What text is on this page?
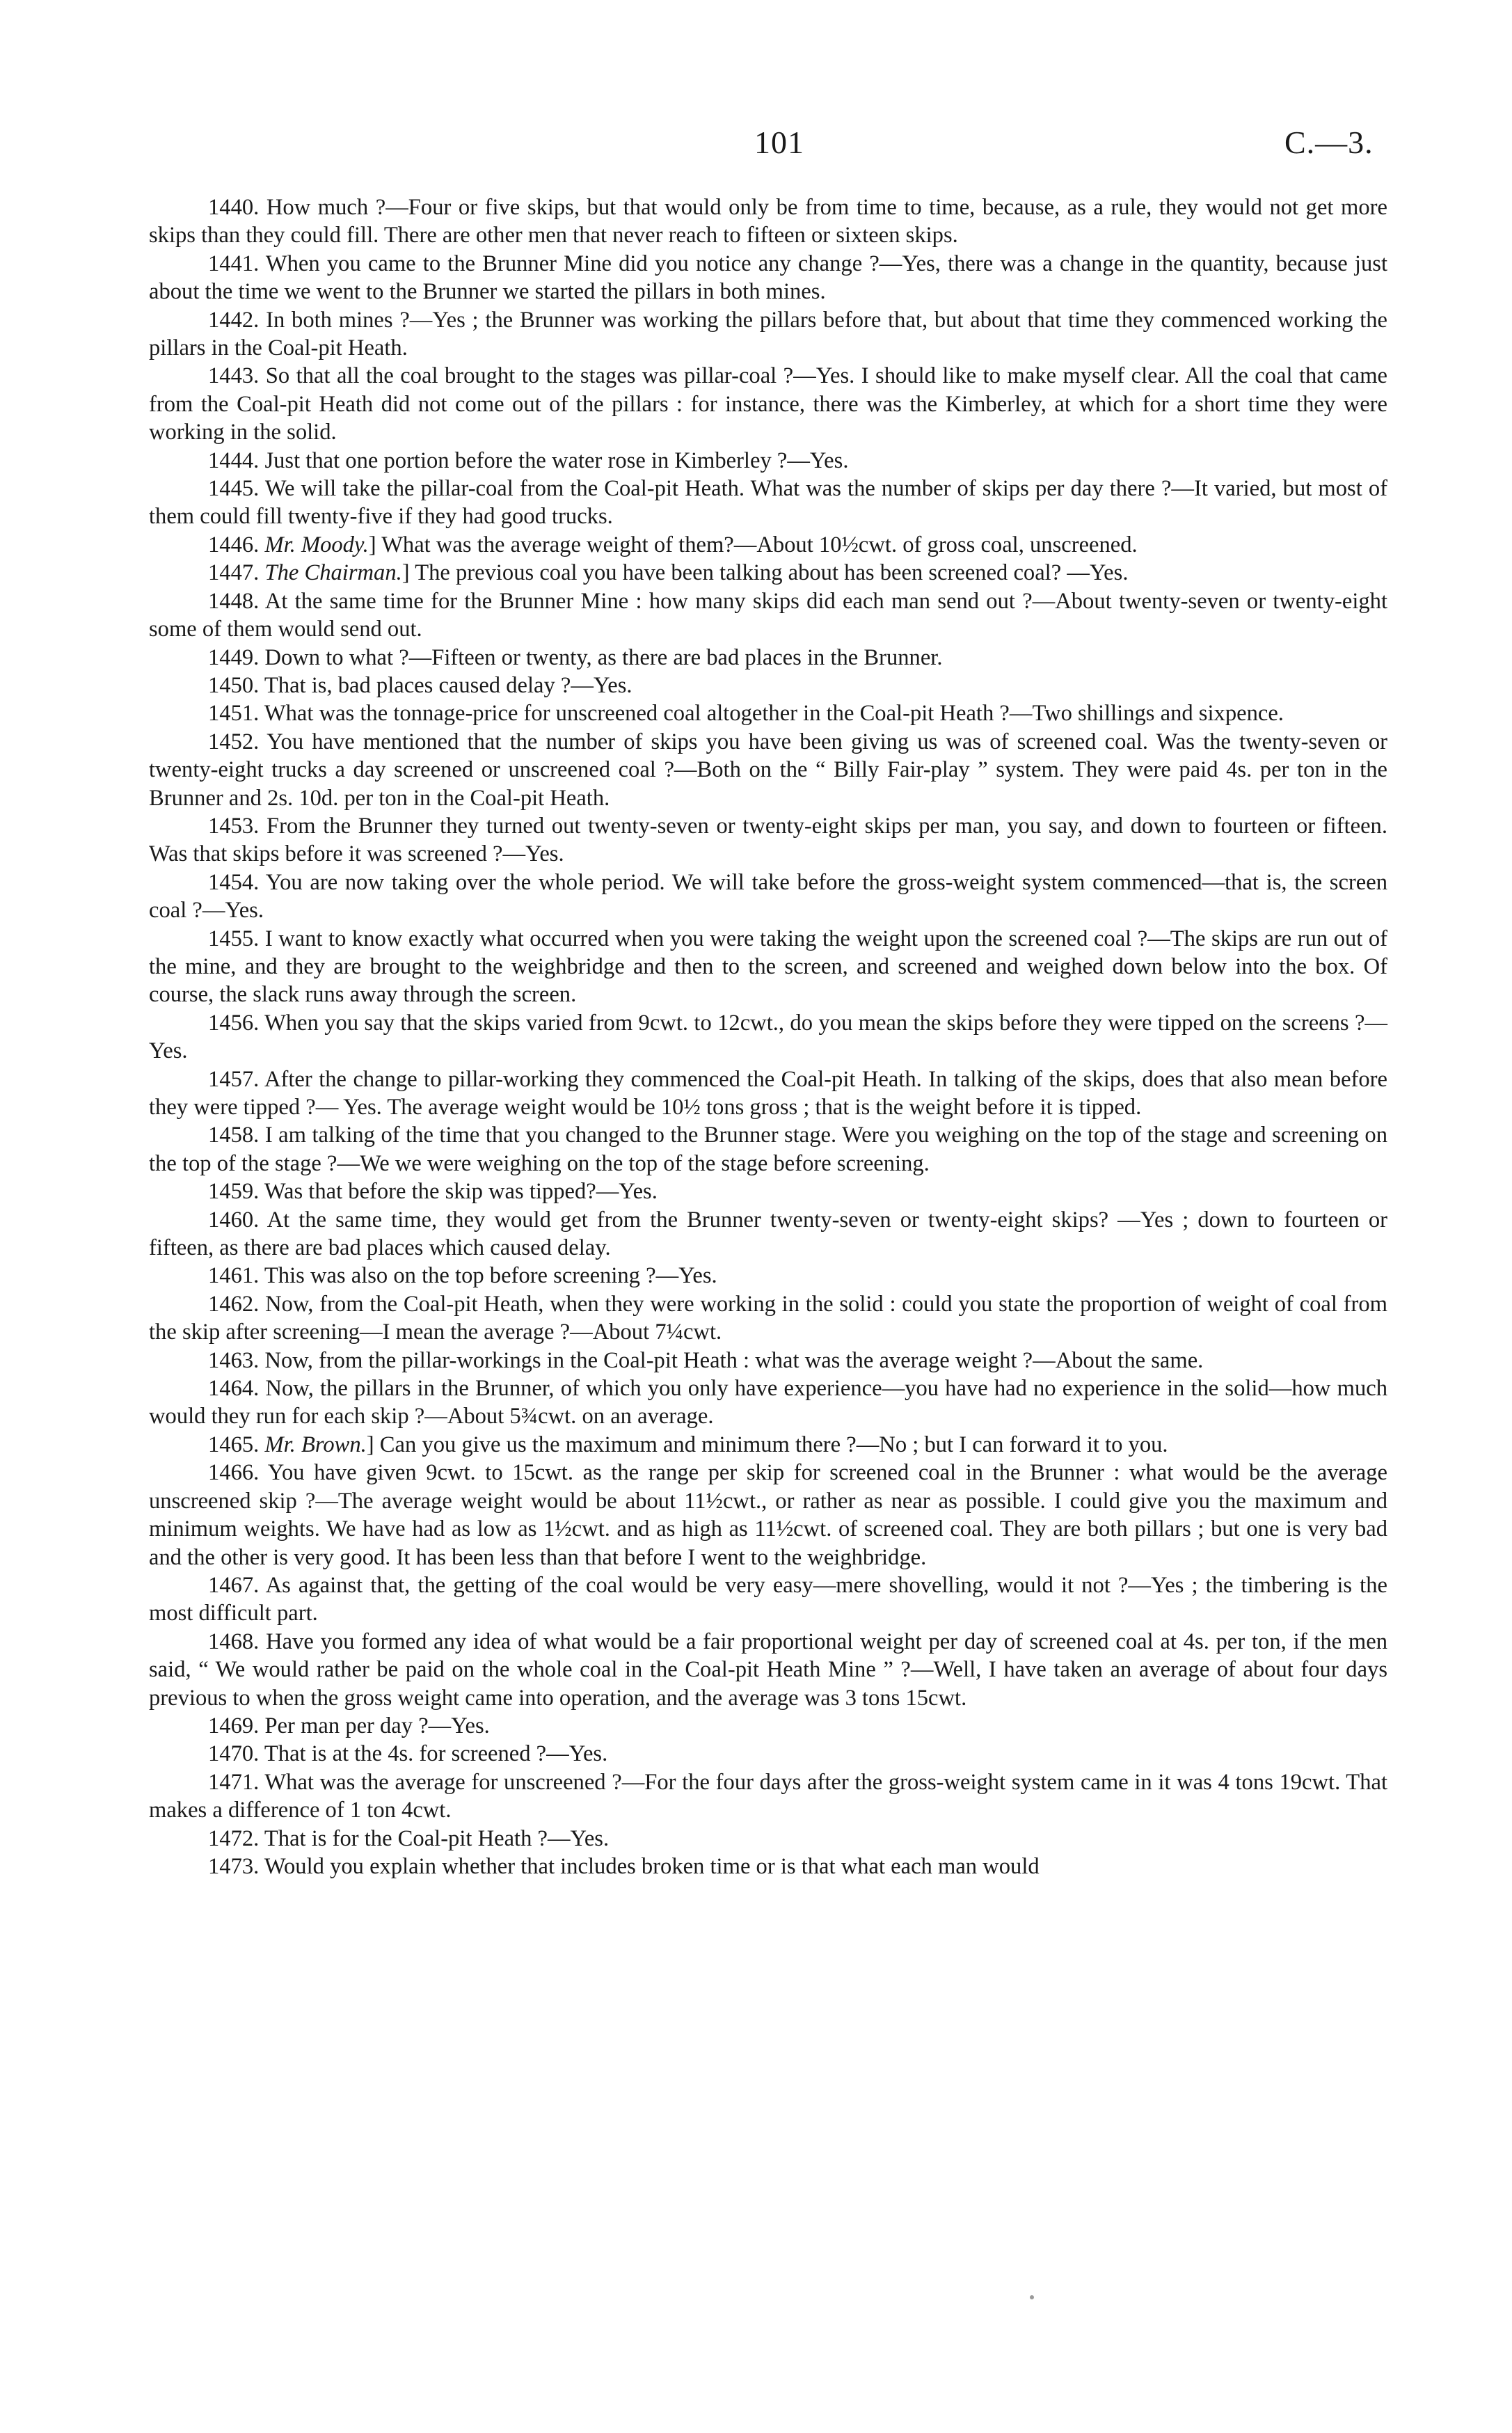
101	C.—3.

1440. How much ?—Four or five skips, but that would only be from time to time, because, as a rule, they would not get more skips than they could fill. There are other men that never reach to fifteen or sixteen skips.

1441. When you came to the Brunner Mine did you notice any change ?—Yes, there was a change in the quantity, because just about the time we went to the Brunner we started the pillars in both mines.

1442. In both mines ?—Yes ; the Brunner was working the pillars before that, but about that time they commenced working the pillars in the Coal-pit Heath.

1443. So that all the coal brought to the stages was pillar-coal ?—Yes. I should like to make myself clear. All the coal that came from the Coal-pit Heath did not come out of the pillars : for instance, there was the Kimberley, at which for a short time they were working in the solid.

1444. Just that one portion before the water rose in Kimberley ?—Yes.

1445. We will take the pillar-coal from the Coal-pit Heath. What was the number of skips per day there ?—It varied, but most of them could fill twenty-five if they had good trucks.

1446. Mr. Moody.] What was the average weight of them?—About 10½cwt. of gross coal, unscreened.

1447. The Chairman.] The previous coal you have been talking about has been screened coal? —Yes.

1448. At the same time for the Brunner Mine : how many skips did each man send out ?—About twenty-seven or twenty-eight some of them would send out.

1449. Down to what ?—Fifteen or twenty, as there are bad places in the Brunner.

1450. That is, bad places caused delay ?—Yes.

1451. What was the tonnage-price for unscreened coal altogether in the Coal-pit Heath ?—Two shillings and sixpence.

1452. You have mentioned that the number of skips you have been giving us was of screened coal. Was the twenty-seven or twenty-eight trucks a day screened or unscreened coal ?—Both on the “ Billy Fair-play ” system. They were paid 4s. per ton in the Brunner and 2s. 10d. per ton in the Coal-pit Heath.

1453. From the Brunner they turned out twenty-seven or twenty-eight skips per man, you say, and down to fourteen or fifteen. Was that skips before it was screened ?—Yes.

1454. You are now taking over the whole period. We will take before the gross-weight system commenced—that is, the screen coal ?—Yes.

1455. I want to know exactly what occurred when you were taking the weight upon the screened coal ?—The skips are run out of the mine, and they are brought to the weighbridge and then to the screen, and screened and weighed down below into the box. Of course, the slack runs away through the screen.

1456. When you say that the skips varied from 9cwt. to 12cwt., do you mean the skips before they were tipped on the screens ?—Yes.

1457. After the change to pillar-working they commenced the Coal-pit Heath. In talking of the skips, does that also mean before they were tipped ?— Yes. The average weight would be 10½ tons gross ; that is the weight before it is tipped.

1458. I am talking of the time that you changed to the Brunner stage. Were you weighing on the top of the stage and screening on the top of the stage ?—We we were weighing on the top of the stage before screening.

1459. Was that before the skip was tipped?—Yes.

1460. At the same time, they would get from the Brunner twenty-seven or twenty-eight skips? —Yes ; down to fourteen or fifteen, as there are bad places which caused delay.

1461. This was also on the top before screening ?—Yes.

1462. Now, from the Coal-pit Heath, when they were working in the solid : could you state the proportion of weight of coal from the skip after screening—I mean the average ?—About 7¼cwt.

1463. Now, from the pillar-workings in the Coal-pit Heath : what was the average weight ?—About the same.

1464. Now, the pillars in the Brunner, of which you only have experience—you have had no experience in the solid—how much would they run for each skip ?—About 5¾cwt. on an average.

1465. Mr. Brown.] Can you give us the maximum and minimum there ?—No ; but I can forward it to you.

1466. You have given 9cwt. to 15cwt. as the range per skip for screened coal in the Brunner : what would be the average unscreened skip ?—The average weight would be about 11½cwt., or rather as near as possible. I could give you the maximum and minimum weights. We have had as low as 1½cwt. and as high as 11½cwt. of screened coal. They are both pillars ; but one is very bad and the other is very good. It has been less than that before I went to the weighbridge.

1467. As against that, the getting of the coal would be very easy—mere shovelling, would it not ?—Yes ; the timbering is the most difficult part.

1468. Have you formed any idea of what would be a fair proportional weight per day of screened coal at 4s. per ton, if the men said, “ We would rather be paid on the whole coal in the Coal-pit Heath Mine ” ?—Well, I have taken an average of about four days previous to when the gross weight came into operation, and the average was 3 tons 15cwt.

1469. Per man per day ?—Yes.

1470. That is at the 4s. for screened ?—Yes.

1471. What was the average for unscreened ?—For the four days after the gross-weight system came in it was 4 tons 19cwt. That makes a difference of 1 ton 4cwt.

1472. That is for the Coal-pit Heath ?—Yes.

1473. Would you explain whether that includes broken time or is that what each man would
